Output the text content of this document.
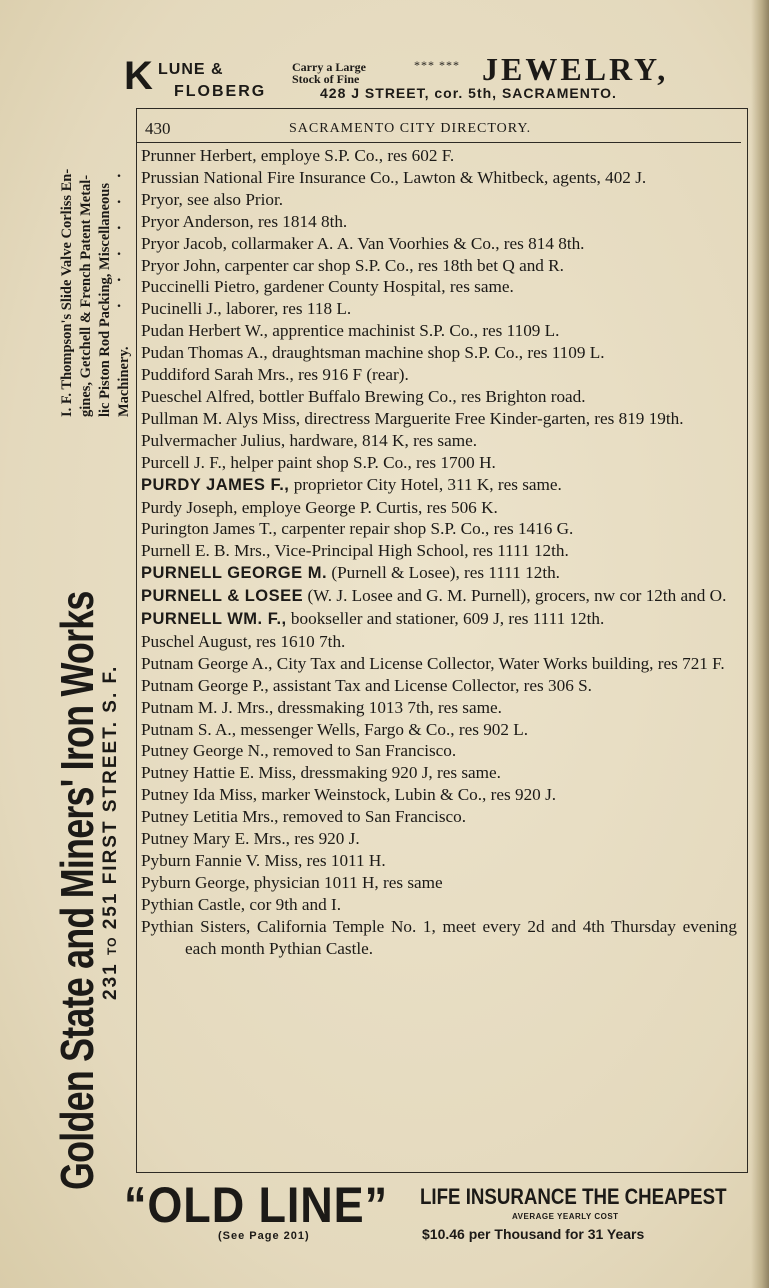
I. F. Thompson's Slide Valve Corliss En- gines, Getchell & French Patent Metal- lic Piston Rod Packing, Miscellaneous Machinery.
. . . . . .
Golden State and Miners' Iron Works
231 TO 251 FIRST STREET. S. F.
K LUNE &
FLOBERG
Carry a Large
Stock of Fine
*** *** JEWELRY,
428 J STREET, cor. 5th, SACRAMENTO.
430	SACRAMENTO CITY DIRECTORY.
Prunner Herbert, employe S.P. Co., res 602 F.
Prussian National Fire Insurance Co., Lawton & Whitbeck, agents, 402 J.
Pryor, see also Prior.
Pryor Anderson, res 1814 8th.
Pryor Jacob, collarmaker A. A. Van Voorhies & Co., res 814 8th.
Pryor John, carpenter car shop S.P. Co., res 18th bet Q and R.
Puccinelli Pietro, gardener County Hospital, res same.
Pucinelli J., laborer, res 118 L.
Pudan Herbert W., apprentice machinist S.P. Co., res 1109 L.
Pudan Thomas A., draughtsman machine shop S.P. Co., res 1109 L.
Puddiford Sarah Mrs., res 916 F (rear).
Pueschel Alfred, bottler Buffalo Brewing Co., res Brighton road.
Pullman M. Alys Miss, directress Marguerite Free Kinder-garten, res 819 19th.
Pulvermacher Julius, hardware, 814 K, res same.
Purcell J. F., helper paint shop S.P. Co., res 1700 H.
PURDY JAMES F., proprietor City Hotel, 311 K, res same.
Purdy Joseph, employe George P. Curtis, res 506 K.
Purington James T., carpenter repair shop S.P. Co., res 1416 G.
Purnell E. B. Mrs., Vice-Principal High School, res 1111 12th.
PURNELL GEORGE M. (Purnell & Losee), res 1111 12th.
PURNELL & LOSEE (W. J. Losee and G. M. Purnell), grocers, nw cor 12th and O.
PURNELL WM. F., bookseller and stationer, 609 J, res 1111 12th.
Puschel August, res 1610 7th.
Putnam George A., City Tax and License Collector, Water Works building, res 721 F.
Putnam George P., assistant Tax and License Collector, res 306 S.
Putnam M. J. Mrs., dressmaking 1013 7th, res same.
Putnam S. A., messenger Wells, Fargo & Co., res 902 L.
Putney George N., removed to San Francisco.
Putney Hattie E. Miss, dressmaking 920 J, res same.
Putney Ida Miss, marker Weinstock, Lubin & Co., res 920 J.
Putney Letitia Mrs., removed to San Francisco.
Putney Mary E. Mrs., res 920 J.
Pyburn Fannie V. Miss, res 1011 H.
Pyburn George, physician 1011 H, res same
Pythian Castle, cor 9th and I.
Pythian Sisters, California Temple No. 1, meet every 2d and 4th Thursday evening each month Pythian Castle.
“OLD LINE” LIFE INSURANCE THE CHEAPEST
AVERAGE YEARLY COST
(See Page 201)	$10.46 per Thousand for 31 Years
